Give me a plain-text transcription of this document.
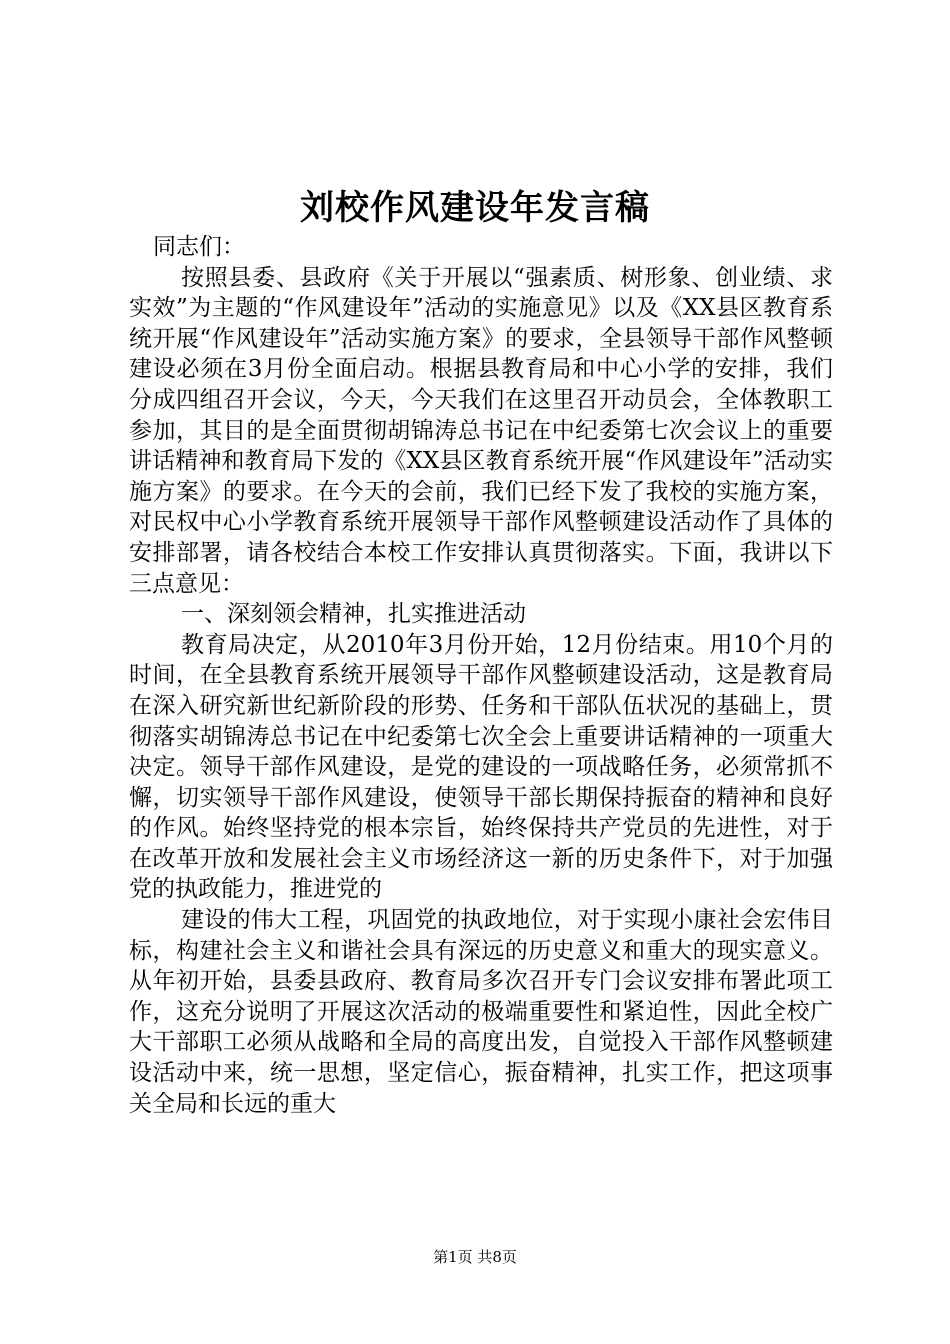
刘校作风建设年发言稿

同志们：

按照县委、县政府《关于开展以“强素质、树形象、创业绩、求实效”为主题的“作风建设年”活动的实施意见》以及《XX县区教育系统开展“作风建设年”活动实施方案》的要求，全县领导干部作风整顿建设必须在3月份全面启动。根据县教育局和中心小学的安排，我们分成四组召开会议，今天，今天我们在这里召开动员会，全体教职工参加，其目的是全面贯彻胡锦涛总书记在中纪委第七次会议上的重要讲话精神和教育局下发的《XX县区教育系统开展“作风建设年”活动实施方案》的要求。在今天的会前，我们已经下发了我校的实施方案，对民权中心小学教育系统开展领导干部作风整顿建设活动作了具体的安排部署，请各校结合本校工作安排认真贯彻落实。下面，我讲以下三点意见：

一、深刻领会精神，扎实推进活动

教育局决定，从2010年3月份开始，12月份结束。用10个月的时间，在全县教育系统开展领导干部作风整顿建设活动，这是教育局在深入研究新世纪新阶段的形势、任务和干部队伍状况的基础上，贯彻落实胡锦涛总书记在中纪委第七次全会上重要讲话精神的一项重大决定。领导干部作风建设，是党的建设的一项战略任务，必须常抓不懈，切实领导干部作风建设，使领导干部长期保持振奋的精神和良好的作风。始终坚持党的根本宗旨，始终保持共产党员的先进性，对于在改革开放和发展社会主义市场经济这一新的历史条件下，对于加强党的执政能力，推进党的

建设的伟大工程，巩固党的执政地位，对于实现小康社会宏伟目标，构建社会主义和谐社会具有深远的历史意义和重大的现实意义。从年初开始，县委县政府、教育局多次召开专门会议安排布署此项工作，这充分说明了开展这次活动的极端重要性和紧迫性，因此全校广大干部职工必须从战略和全局的高度出发，自觉投入干部作风整顿建设活动中来，统一思想，坚定信心，振奋精神，扎实工作，把这项事关全局和长远的重大

第1页 共8页
